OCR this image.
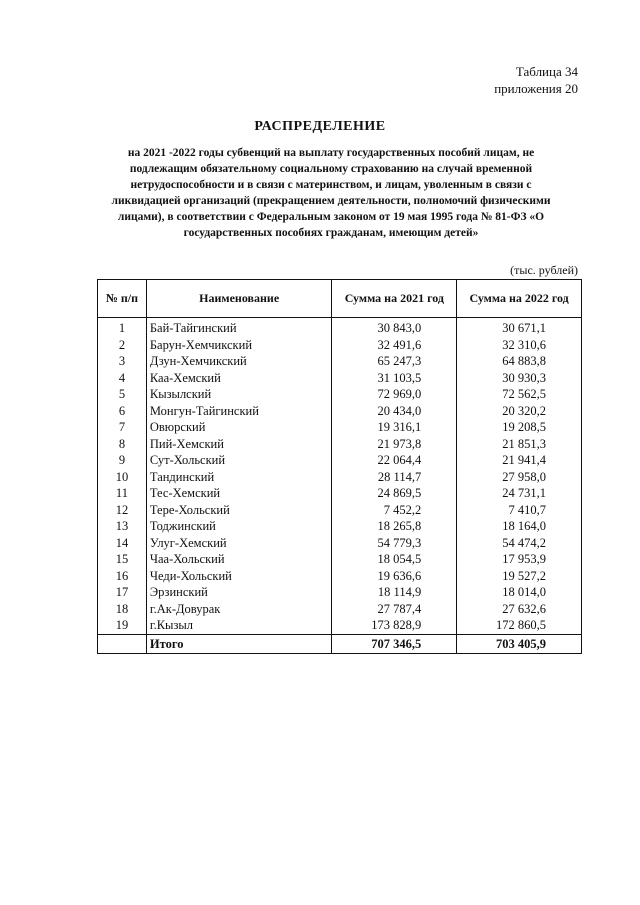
Таблица 34
приложения 20
РАСПРЕДЕЛЕНИЕ
на 2021 -2022 годы субвенций на выплату государственных пособий лицам, не подлежащим обязательному социальному страхованию на случай временной нетрудоспособности и в связи с материнством, и лицам, уволенным в связи с ликвидацией организаций (прекращением деятельности, полномочий физическими лицами), в соответствии с Федеральным законом от 19 мая 1995 года № 81-ФЗ «О государственных пособиях гражданам, имеющим детей»
(тыс. рублей)
№ п/п	Наименование	Сумма на 2021 год	Сумма на 2022 год
1	Бай-Тайгинский	30 843,0	30 671,1
2	Барун-Хемчикский	32 491,6	32 310,6
3	Дзун-Хемчикский	65 247,3	64 883,8
4	Каа-Хемский	31 103,5	30 930,3
5	Кызылский	72 969,0	72 562,5
6	Монгун-Тайгинский	20 434,0	20 320,2
7	Овюрский	19 316,1	19 208,5
8	Пий-Хемский	21 973,8	21 851,3
9	Сут-Хольский	22 064,4	21 941,4
10	Тандинский	28 114,7	27 958,0
11	Тес-Хемский	24 869,5	24 731,1
12	Тере-Хольский	7 452,2	7 410,7
13	Тоджинский	18 265,8	18 164,0
14	Улуг-Хемский	54 779,3	54 474,2
15	Чаа-Хольский	18 054,5	17 953,9
16	Чеди-Хольский	19 636,6	19 527,2
17	Эрзинский	18 114,9	18 014,0
18	г.Ак-Довурак	27 787,4	27 632,6
19	г.Кызыл	173 828,9	172 860,5
	Итого	707 346,5	703 405,9
